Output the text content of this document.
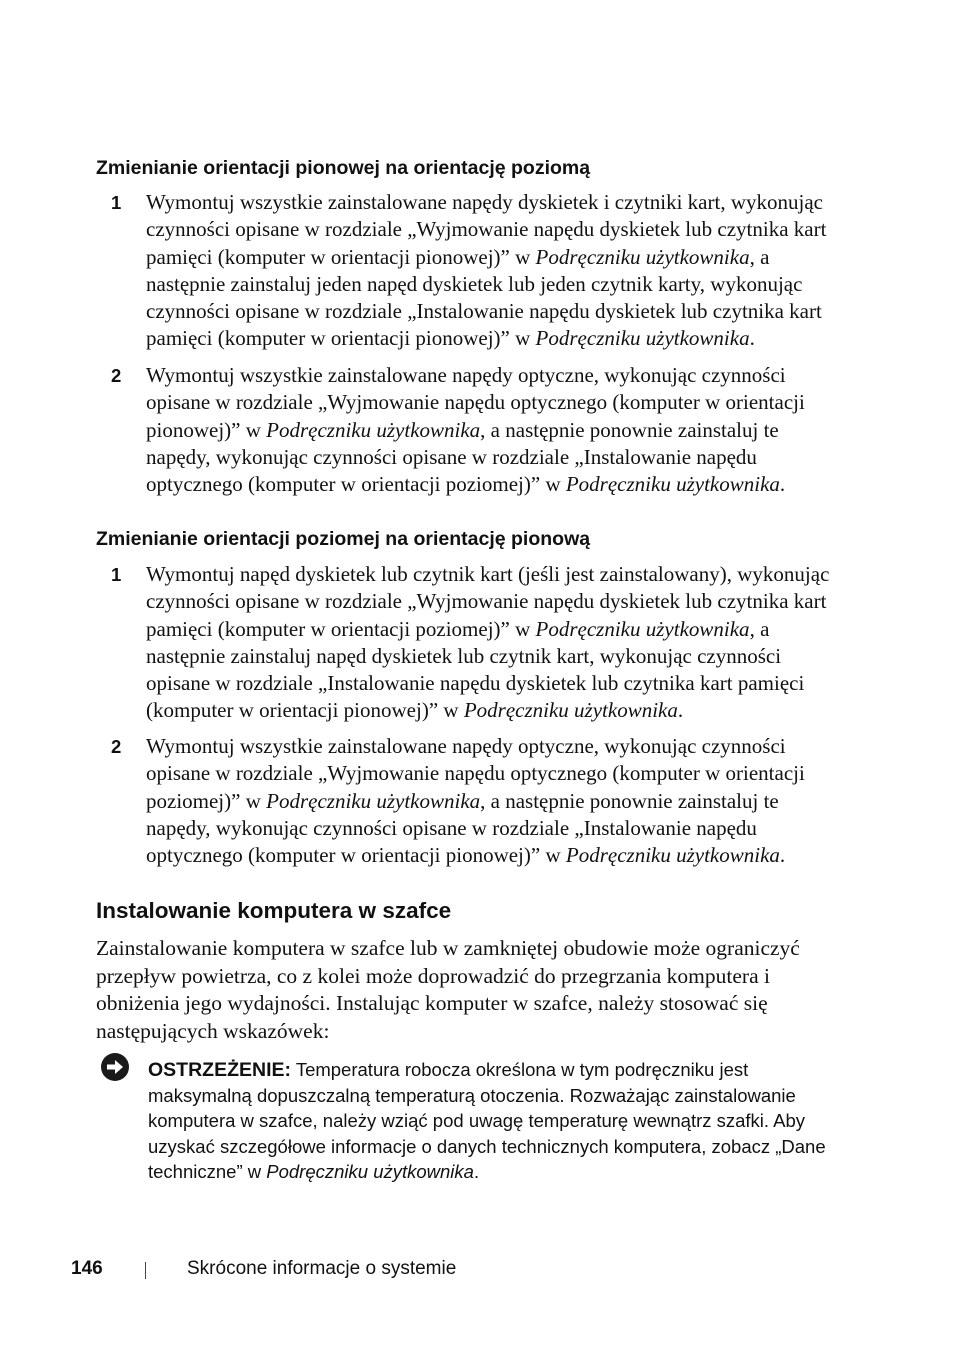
Zmienianie orientacji pionowej na orientację poziomą
1 Wymontuj wszystkie zainstalowane napędy dyskietek i czytniki kart, wykonując czynności opisane w rozdziale „Wyjmowanie napędu dyskietek lub czytnika kart pamięci (komputer w orientacji pionowej)” w Podręczniku użytkownika, a następnie zainstaluj jeden napęd dyskietek lub jeden czytnik karty, wykonując czynności opisane w rozdziale „Instalowanie napędu dyskietek lub czytnika kart pamięci (komputer w orientacji pionowej)” w Podręczniku użytkownika.

2 Wymontuj wszystkie zainstalowane napędy optyczne, wykonując czynności opisane w rozdziale „Wyjmowanie napędu optycznego (komputer w orientacji pionowej)” w Podręczniku użytkownika, a następnie ponownie zainstaluj te napędy, wykonując czynności opisane w rozdziale „Instalowanie napędu optycznego (komputer w orientacji poziomej)” w Podręczniku użytkownika.

Zmienianie orientacji poziomej na orientację pionową
1 Wymontuj napęd dyskietek lub czytnik kart (jeśli jest zainstalowany), wykonując czynności opisane w rozdziale „Wyjmowanie napędu dyskietek lub czytnika kart pamięci (komputer w orientacji poziomej)” w Podręczniku użytkownika, a następnie zainstaluj napęd dyskietek lub czytnik kart, wykonując czynności opisane w rozdziale „Instalowanie napędu dyskietek lub czytnika kart pamięci (komputer w orientacji pionowej)” w Podręczniku użytkownika.

2 Wymontuj wszystkie zainstalowane napędy optyczne, wykonując czynności opisane w rozdziale „Wyjmowanie napędu optycznego (komputer w orientacji poziomej)” w Podręczniku użytkownika, a następnie ponownie zainstaluj te napędy, wykonując czynności opisane w rozdziale „Instalowanie napędu optycznego (komputer w orientacji pionowej)” w Podręczniku użytkownika.

Instalowanie komputera w szafce

Zainstalowanie komputera w szafce lub w zamkniętej obudowie może ograniczyć przepływ powietrza, co z kolei może doprowadzić do przegrzania komputera i obniżenia jego wydajności. Instalując komputer w szafce, należy stosować się następujących wskazówek:

OSTRZEŻENIE: Temperatura robocza określona w tym podręczniku jest maksymalną dopuszczalną temperaturą otoczenia. Rozważając zainstalowanie komputera w szafce, należy wziąć pod uwagę temperaturę wewnątrz szafki. Aby uzyskać szczegółowe informacje o danych technicznych komputera, zobacz „Dane techniczne” w Podręczniku użytkownika.

146	Skrócone informacje o systemie
